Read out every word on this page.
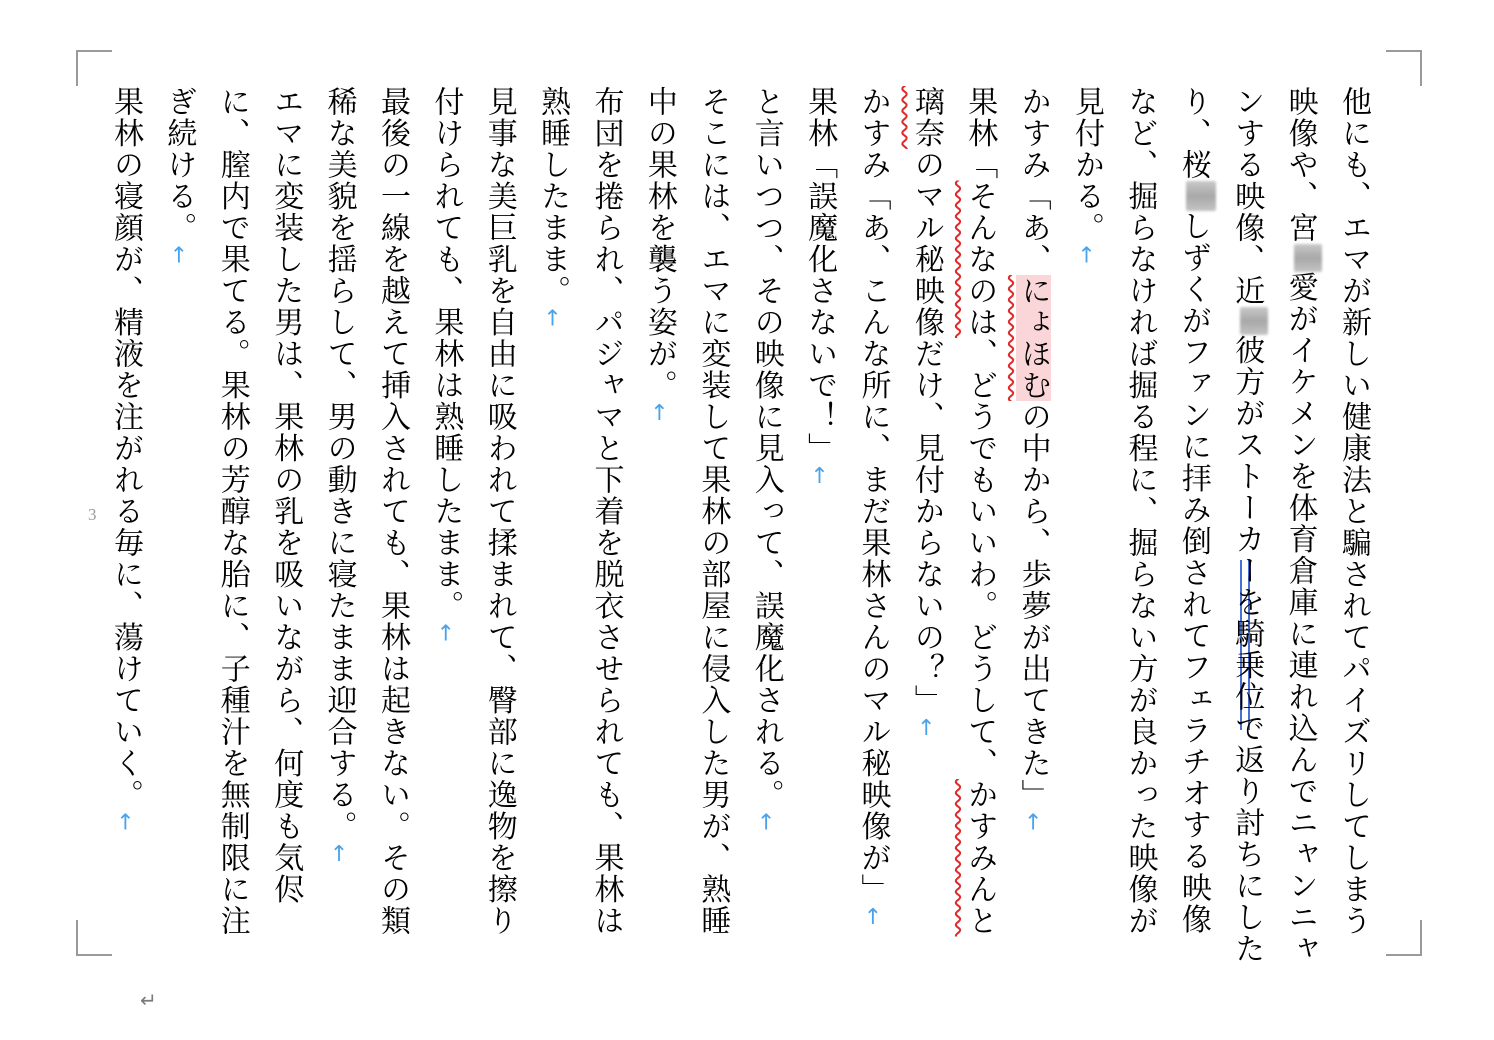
3	他にも、エマが新しい健康法と騙されてパイズリしてしまう映像や、宮愛がイケメンを体育倉庫に連れ込んでニャンニャンする映像、近彼方がストーカーを騎乗位で返り討ちにしたり、桜しずくがファンに拝み倒されてフェラチオする映像など、掘らなければ掘る程に、掘らない方が良かった映像が見付かる。↑

かすみ「あ、にょほむの中から、歩夢が出てきた」↑

果林「そんなのは、どうでもいいわ。どうして、かすみんと璃奈のマル秘映像だけ、見付からないの？」↑

かすみ「あ、こんな所に、まだ果林さんのマル秘映像が」↑

果林「誤魔化さないで！」↑

と言いつつ、その映像に見入って、誤魔化される。↑

そこには、エマに変装して果林の部屋に侵入した男が、熟睡中の果林を襲う姿が。↑

布団を捲られ、パジャマと下着を脱衣させられても、果林は熟睡したまま。↑

見事な美巨乳を自由に吸われて揉まれて、臀部に逸物を擦り付けられても、果林は熟睡したまま。↑

最後の一線を越えて挿入されても、果林は起きない。その類稀な美貌を揺らして、男の動きに寝たまま迎合する。↑

エマに変装した男は、果林の乳を吸いながら、何度も気侭に、膣内で果てる。果林の芳醇な胎に、子種汁を無制限に注ぎ続ける。↑

果林の寝顔が、精液を注がれる毎に、蕩けていく。↑

↵
